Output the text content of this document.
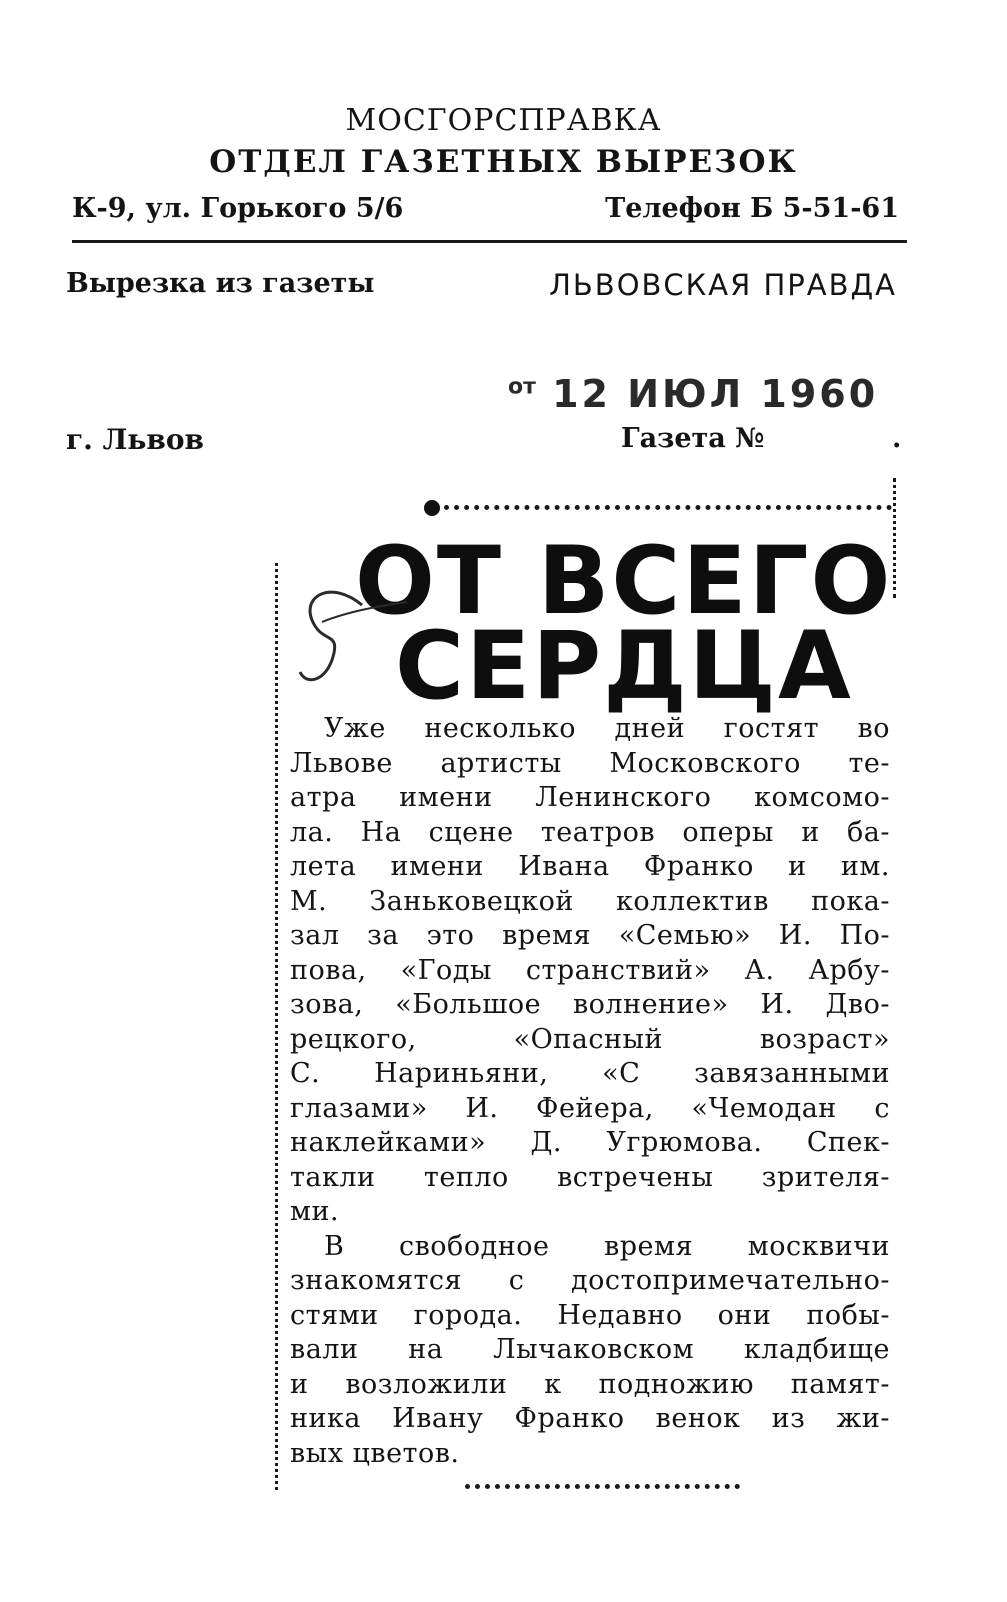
МОСГОРСПРАВКА
ОТДЕЛ ГАЗЕТНЫХ ВЫРЕЗОК
К-9, ул. Горького 5/6	Телефон Б 5-51-61
Вырезка из газеты	ЛЬВОВСКАЯ ПРАВДА
$^{от}$ 12 ИЮЛ 1960
г. Львов	Газета №	.
ОТ ВСЕГО
СЕРДЦА
Уже несколько дней гостят во
Львове артисты Московского те-
атра имени Ленинского комсомо-
ла. На сцене театров оперы и ба-
лета имени Ивана Франко и им.
М. Заньковецкой коллектив пока-
зал за это время «Семью» И. По-
пова, «Годы странствий» А. Арбу-
зова, «Большое волнение» И. Дво-
рецкого, «Опасный возраст»
С. Нариньяни, «С завязанными
глазами» И. Фейера, «Чемодан с
наклейками» Д. Угрюмова. Спек-
такли тепло встречены зрителя-
ми.
В свободное время москвичи
знакомятся с достопримечательно-
стями города. Недавно они побы-
вали на Лычаковском кладбище
и возложили к подножию памят-
ника Ивану Франко венок из жи-
вых цветов.
